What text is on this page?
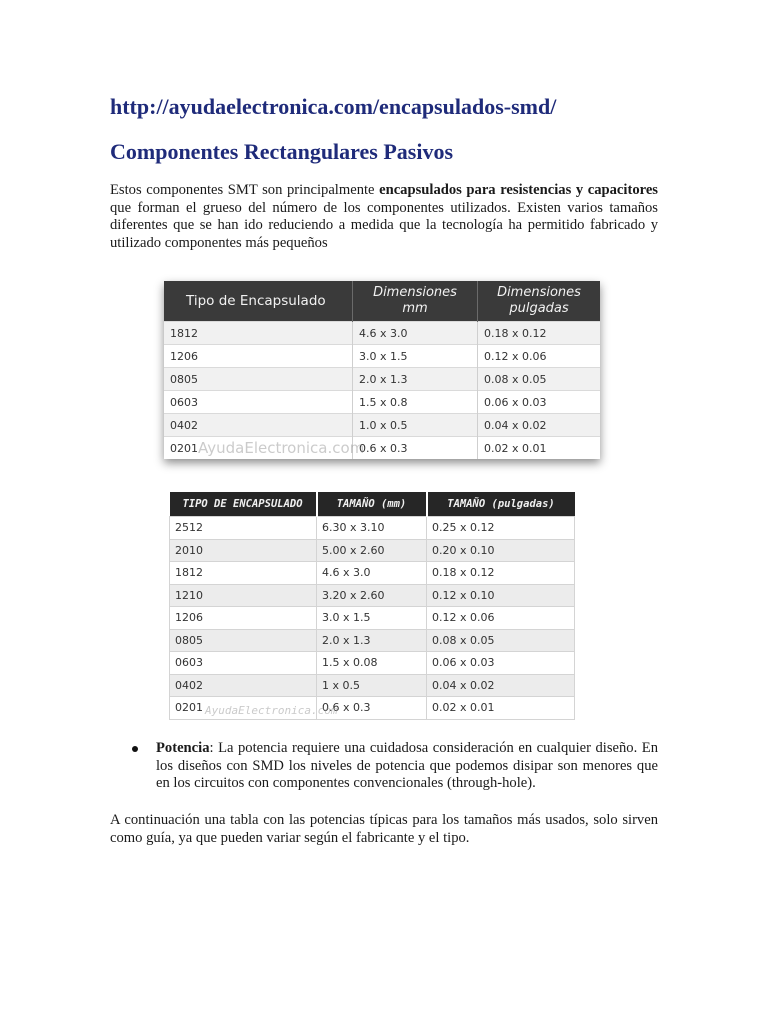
http://ayudaelectronica.com/encapsulados-smd/
Componentes Rectangulares Pasivos

Estos componentes SMT son principalmente encapsulados para resistencias y capacitores que forman el grueso del número de los componentes utilizados. Existen varios tamaños diferentes que se han ido reduciendo a medida que la tecnología ha permitido fabricado y utilizado componentes más pequeños

Tipo de Encapsulado	Dimensiones mm	Dimensiones pulgadas
1812	4.6 x 3.0	0.18 x 0.12
1206	3.0 x 1.5	0.12 x 0.06
0805	2.0 x 1.3	0.08 x 0.05
0603	1.5 x 0.8	0.06 x 0.03
0402	1.0 x 0.5	0.04 x 0.02
0201	0.6 x 0.3	0.02 x 0.01
AyudaElectronica.com
TIPO DE ENCAPSULADO	TAMAÑO (mm)	TAMAÑO (pulgadas)
2512	6.30 x 3.10	0.25 x 0.12
2010	5.00 x 2.60	0.20 x 0.10
1812	4.6 x 3.0	0.18 x 0.12
1210	3.20 x 2.60	0.12 x 0.10
1206	3.0 x 1.5	0.12 x 0.06
0805	2.0 x 1.3	0.08 x 0.05
0603	1.5 x 0.08	0.06 x 0.03
0402	1 x 0.5	0.04 x 0.02
0201	0.6 x 0.3	0.02 x 0.01
AyudaElectronica.com
Potencia: La potencia requiere una cuidadosa consideración en cualquier diseño. En los diseños con SMD los niveles de potencia que podemos disipar son menores que en los circuitos con componentes convencionales (through-hole).

A continuación una tabla con las potencias típicas para los tamaños más usados, solo sirven como guía, ya que pueden variar según el fabricante y el tipo.
